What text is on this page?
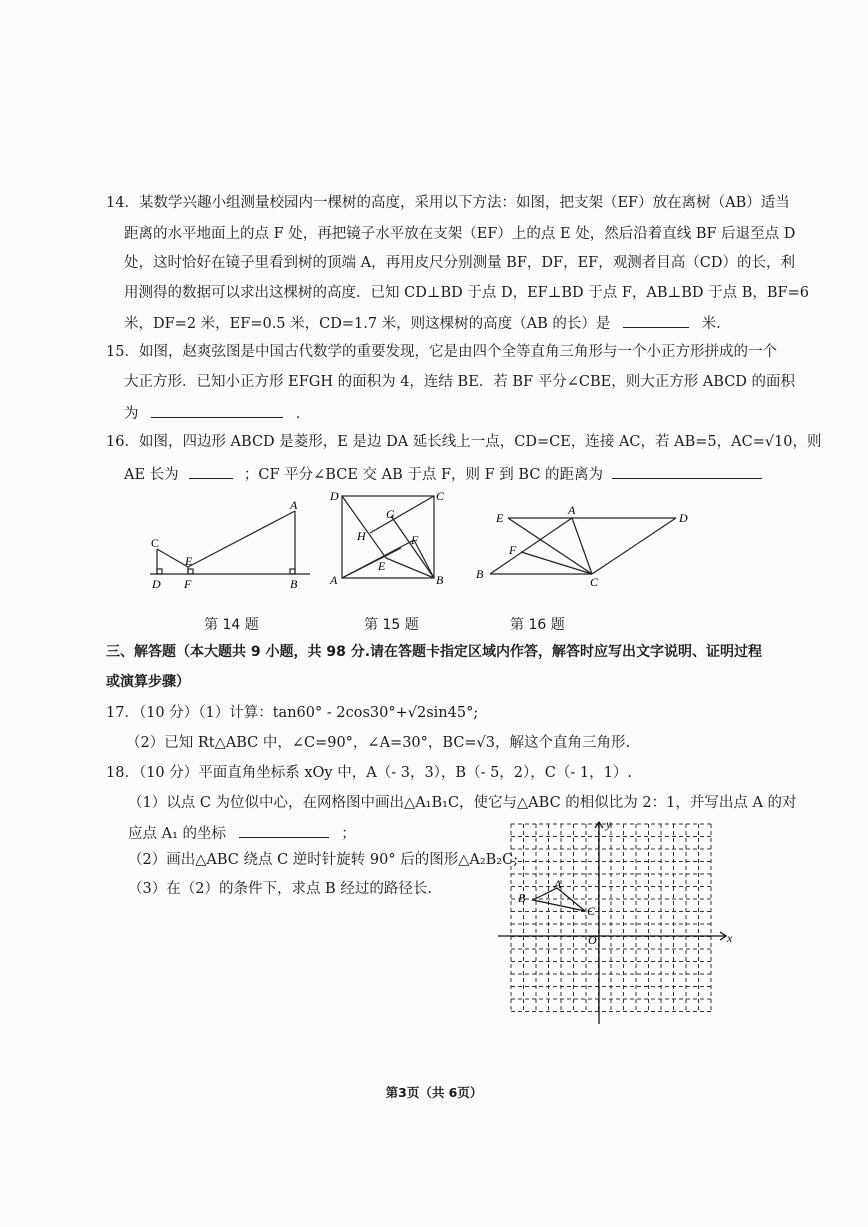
14．某数学兴趣小组测量校园内一棵树的高度，采用以下方法：如图，把支架（EF）放在离树（AB）适当
距离的水平地面上的点 F 处，再把镜子水平放在支架（EF）上的点 E 处，然后沿着直线 BF 后退至点 D
处，这时恰好在镜子里看到树的顶端 A，再用皮尺分别测量 BF，DF，EF，观测者目高（CD）的长，利
用测得的数据可以求出这棵树的高度．已知 CD⊥BD 于点 D，EF⊥BD 于点 F，AB⊥BD 于点 B，BF=6
米，DF=2 米，EF=0.5 米，CD=1.7 米，则这棵树的高度（AB 的长）是	米．
15．如图，赵爽弦图是中国古代数学的重要发现，它是由四个全等直角三角形与一个小正方形拼成的一个
大正方形．已知小正方形 EFGH 的面积为 4，连结 BE．若 BF 平分∠CBE，则大正方形 ABCD 的面积
为	．
16．如图，四边形 ABCD 是菱形，E 是边 DA 延长线上一点，CD=CE，连接 AC，若 AB=5，AC=√10，则
AE 长为	；CF 平分∠BCE 交 AB 于点 F，则 F 到 BC 的距离为
C
E
D F
A
B
D	C
G
H	F
E
A	B
E
A
D
F
B
C
第 14 题	第 15 题	第 16 题
三、解答题（本大题共 9 小题，共 98 分.请在答题卡指定区域内作答，解答时应写出文字说明、证明过程
或演算步骤）
17．（10 分）（1）计算：tan60° - 2cos30°+√2sin45°;
（2）已知 Rt△ABC 中，∠C=90°，∠A=30°，BC=√3，解这个直角三角形.
18．（10 分）平面直角坐标系 xOy 中，A（- 3，3），B（- 5，2），C（- 1，1）.
（1）以点 C 为位似中心，在网格图中画出△A₁B₁C，使它与△ABC 的相似比为 2：1，并写出点 A 的对
应点 A₁ 的坐标	；
（2）画出△ABC 绕点 C 逆时针旋转 90° 后的图形△A₂B₂C;
（3）在（2）的条件下，求点 B 经过的路径长.
y
x
O
A
B
C
第3页（共 6页）
